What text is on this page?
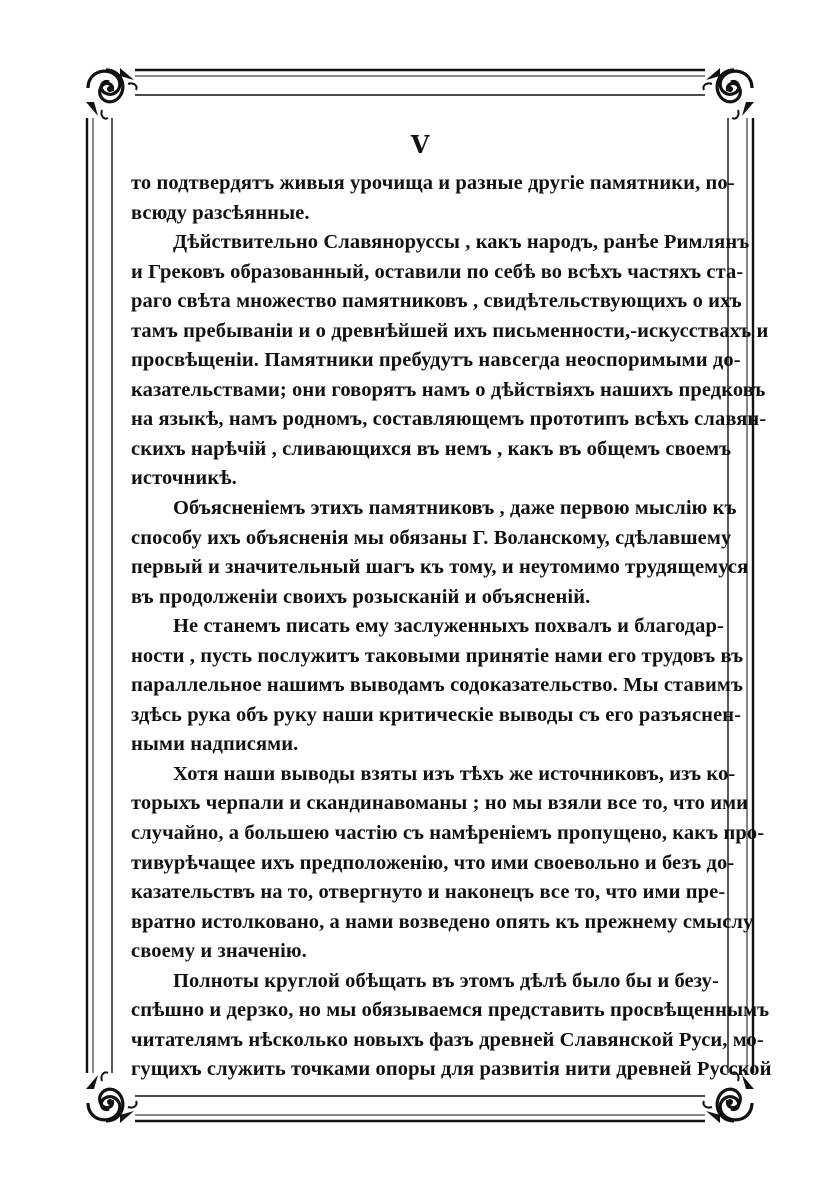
V
то подтвердятъ живыя урочища и разные другіе памятники, по-
всюду разсѣянные.
Дѣйствительно Славянорусcы , какъ народъ, ранѣе Римлянъ
и Грековъ образованный, оставили по себѣ во всѣхъ частяхъ ста-
раго свѣта множество памятниковъ , свидѣтельствующихъ о ихъ
тамъ пребываніи и о древнѣйшей ихъ письменности,-искусствахъ и
просвѣщеніи. Памятники пребудутъ навсегда неоспоримыми до-
казательствами; они говорятъ намъ о дѣйствіяхъ нашихъ предковъ
на языкѣ, намъ родномъ, составляющемъ прототипъ всѣхъ славян-
скихъ нарѣчій , сливающихся въ немъ , какъ въ общемъ своемъ
источникѣ.
Объясненіемъ этихъ памятниковъ , даже первою мыслію къ
способу ихъ объясненія мы обязаны Г. Воланскому, сдѣлавшему
первый и значительный шагъ къ тому, и неутомимо трудящемуся
въ продолженіи своихъ розысканій и объясненій.
Не станемъ писать ему заслуженныхъ похвалъ и благодар-
ности , пусть послужитъ таковыми принятіе нами его трудовъ въ
параллельное нашимъ выводамъ содоказательство. Мы ставимъ
здѣсь рука объ руку наши критическіе выводы съ его разъяснен-
ными надписями.
Хотя наши выводы взяты изъ тѣхъ же источниковъ, изъ ко-
торыхъ черпали и скандинавоманы ; но мы взяли все то, что ими
случайно, а большею частію съ намѣреніемъ пропущено, какъ про-
тивурѣчащее ихъ предположенію, что ими своевольно и безъ до-
казательствъ на то, отвергнуто и наконецъ все то, что ими пре-
вратно истолковано, а нами возведено опять къ прежнему смыслу
своему и значенію.
Полноты круглой обѣщать въ этомъ дѣлѣ было бы и безу-
спѣшно и дерзко, но мы обязываемся представить просвѣщеннымъ
читателямъ нѣсколько новыхъ фазъ древней Славянской Руси, мо-
гущихъ служить точками опоры для развитія нити древней Русской
